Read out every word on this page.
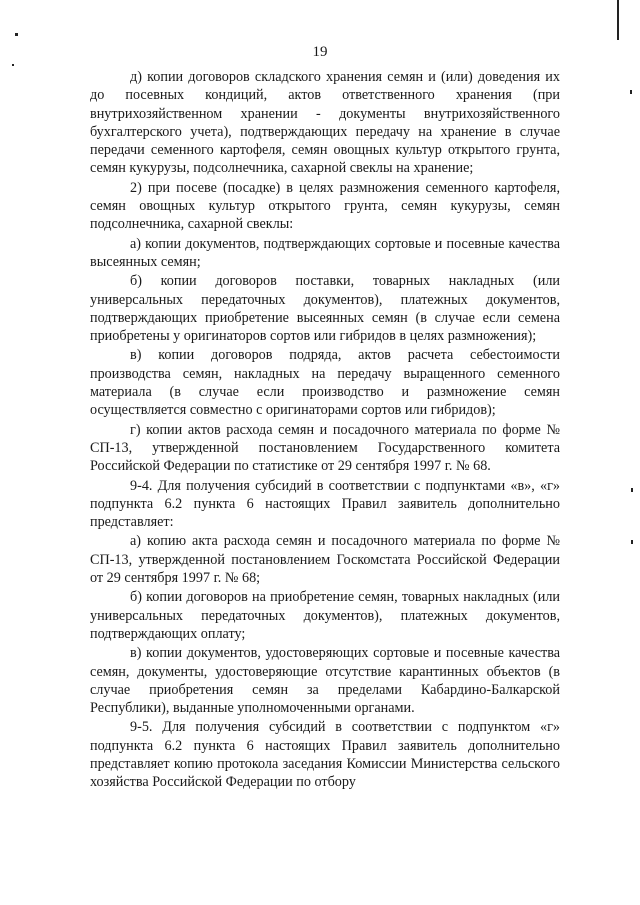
19

д) копии договоров складского хранения семян и (или) доведения их до посевных кондиций, актов ответственного хранения (при внутрихозяйственном хранении - документы внутрихозяйственного бухгалтерского учета), подтверждающих передачу на хранение в случае передачи семенного картофеля, семян овощных культур открытого грунта, семян кукурузы, подсолнечника, сахарной свеклы на хранение;

2) при посеве (посадке) в целях размножения семенного картофеля, семян овощных культур открытого грунта, семян кукурузы, семян подсолнечника, сахарной свеклы:

а) копии документов, подтверждающих сортовые и посевные качества высеянных семян;

б) копии договоров поставки, товарных накладных (или универсальных передаточных документов), платежных документов, подтверждающих приобретение высеянных семян (в случае если семена приобретены у оригинаторов сортов или гибридов в целях размножения);

в) копии договоров подряда, актов расчета себестоимости производства семян, накладных на передачу выращенного семенного материала (в случае если производство и размножение семян осуществляется совместно с оригинаторами сортов или гибридов);

г) копии актов расхода семян и посадочного материала по форме № СП-13, утвержденной постановлением Государственного комитета Российской Федерации по статистике от 29 сентября 1997 г. № 68.

9-4. Для получения субсидий в соответствии с подпунктами «в», «г» подпункта 6.2 пункта 6 настоящих Правил заявитель дополнительно представляет:

а) копию акта расхода семян и посадочного материала по форме № СП-13, утвержденной постановлением Госкомстата Российской Федерации от 29 сентября 1997 г. № 68;

б) копии договоров на приобретение семян, товарных накладных (или универсальных передаточных документов), платежных документов, подтверждающих оплату;

в) копии документов, удостоверяющих сортовые и посевные качества семян, документы, удостоверяющие отсутствие карантинных объектов (в случае приобретения семян за пределами Кабардино-Балкарской Республики), выданные уполномоченными органами.

9-5. Для получения субсидий в соответствии с подпунктом «г» подпункта 6.2 пункта 6 настоящих Правил заявитель дополнительно представляет копию протокола заседания Комиссии Министерства сельского хозяйства Российской Федерации по отбору
